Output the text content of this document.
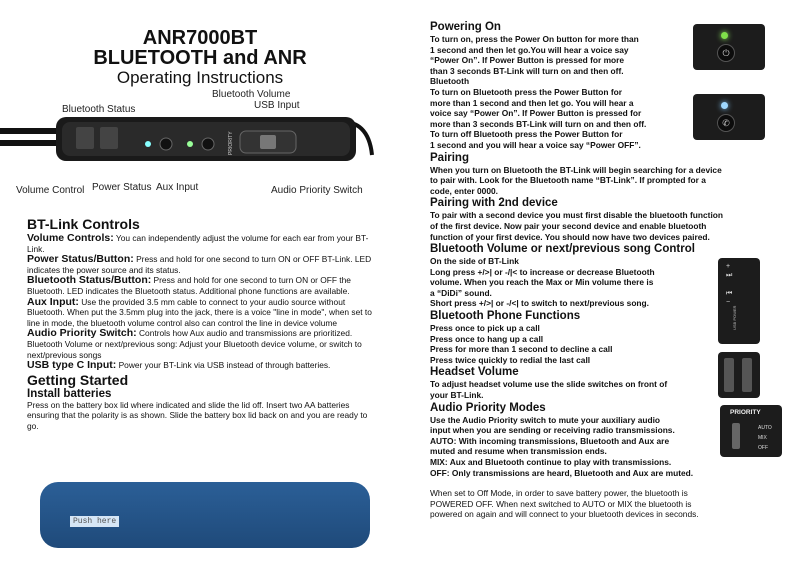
ANR7000BT
BLUETOOTH and ANR
Operating Instructions
PRIORITY
Bluetooth Volume
USB Input
Bluetooth Status
Volume Control Power Status Aux Input	Audio Priority Switch
BT-Link Controls
Volume Controls: You can independently adjust the volume for each ear from your BT-Link.
Power Status/Button: Press and hold for one second to turn ON or OFF BT-Link. LED indicates the power source and its status.
Bluetooth Status/Button: Press and hold for one second to turn ON or OFF the Bluetooth. LED indicates the Bluetooth status. Additional phone functions are available.
Aux Input: Use the provided 3.5 mm cable to connect to your audio source without Bluetooth. When put the 3.5mm plug into the jack, there is a voice "line in mode", when set to line in mode, the bluetooth volume control also can control the line in device volume
Audio Priority Switch: Controls how Aux audio and transmissions are prioritized. Bluetooth Volume or next/previous song: Adjust your Bluetooth device volume, or switch to next/previous songs
USB type C Input: Power your BT-Link via USB instead of through batteries.
Getting Started
Install batteries
Press on the battery box lid where indicated and slide the lid off. Insert two AA batteries ensuring that the polarity is as shown. Slide the battery box lid back on and you are ready to go.
Push here
Powering On
To turn on, press the Power On button for more than
1 second and then let go.You will hear a voice say
“Power On”. If Power Button is pressed for more
than 3 seconds BT-Link will turn on and then off.
Bluetooth
To turn on Bluetooth press the Power Button for
more than 1 second and then let go. You will hear a
voice say “Power On”. If Power Button is pressed for
more than 3 seconds BT-Link will turn on and then off.
To turn off Bluetooth press the Power Button for
1 second and you will hear a voice say “Power OFF”.
Pairing
When you turn on Bluetooth the BT-Link will begin searching for a device
to pair with. Look for the Bluetooth name “BT-Link”. If prompted for a
code, enter 0000.
Pairing with 2nd device
To pair with a second device you must first disable the bluetooth function
of the first device. Now pair your second device and enable bluetooth
function of your first device. You should now have two devices paired.
Bluetooth Volume or next/previous song Control
On the side of BT-Link
Long press +/>| or -/|< to increase or decrease Bluetooth
volume. When you reach the Max or Min volume there is
a “DiDi” sound.
Short press +/>| or -/<| to switch to next/previous song.
Bluetooth Phone Functions
Press once to pick up a call
Press once to hang up a call
Press for more than 1 second to decline a call
Press twice quickly to redial the last call
Headset Volume
To adjust headset volume use the slide switches on front of
your BT-Link.
Audio Priority Modes
Use the Audio Priority switch to mute your auxiliary audio
input when you are sending or receiving radio transmissions.
AUTO: With incoming transmissions, Bluetooth and Aux are
muted and resume when transmission ends.
MIX: Aux and Bluetooth continue to play with transmissions.
OFF: Only transmissions are heard, Bluetooth and Aux are muted.
When set to Off Mode, in order to save battery power, the bluetooth is
POWERED OFF. When next switched to AUTO or MIX the bluetooth is
powered on again and will connect to your bluetooth devices in seconds.
⏻
✆
+
⏭

⏮
−
USB POWER
PRIORITY
AUTO
MIX
OFF
